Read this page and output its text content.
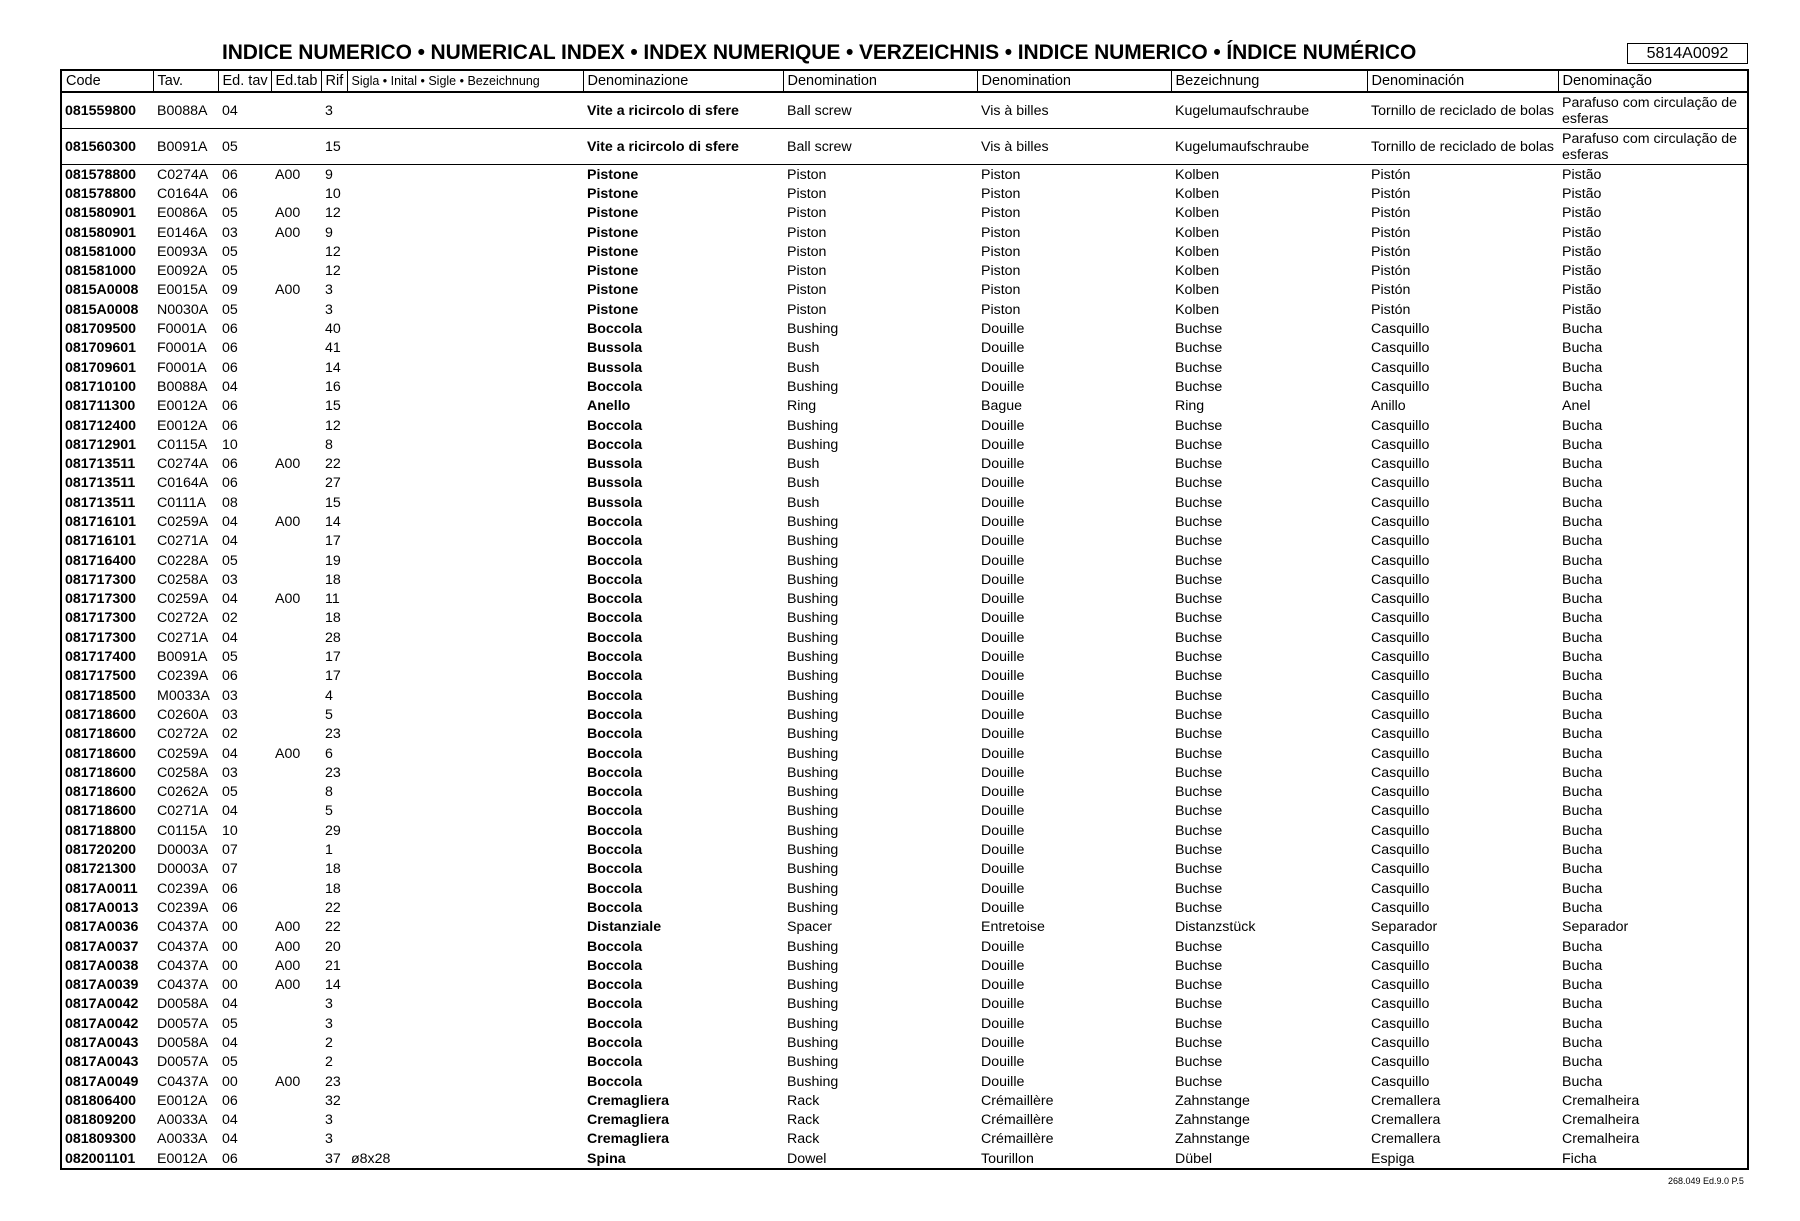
INDICE NUMERICO • NUMERICAL INDEX • INDEX NUMERIQUE • VERZEICHNIS • INDICE NUMERICO • ÍNDICE NUMÉRICO	5814A0092
Code	Tav.	Ed. tav	Ed.tab	Rif	Sigla • Inital • Sigle • Bezeichnung	Denominazione	Denomination	Denomination	Bezeichnung	Denominación	Denominação
081559800	B0088A	04		3		Vite a ricircolo di sfere	Ball screw	Vis à billes	Kugelumaufschraube	Tornillo de reciclado de bolas	Parafuso com circulação de esferas
081560300	B0091A	05		15		Vite a ricircolo di sfere	Ball screw	Vis à billes	Kugelumaufschraube	Tornillo de reciclado de bolas	Parafuso com circulação de esferas
081578800	C0274A	06	A00	9		Pistone	Piston	Piston	Kolben	Pistón	Pistão
081578800	C0164A	06		10		Pistone	Piston	Piston	Kolben	Pistón	Pistão
081580901	E0086A	05	A00	12		Pistone	Piston	Piston	Kolben	Pistón	Pistão
081580901	E0146A	03	A00	9		Pistone	Piston	Piston	Kolben	Pistón	Pistão
081581000	E0093A	05		12		Pistone	Piston	Piston	Kolben	Pistón	Pistão
081581000	E0092A	05		12		Pistone	Piston	Piston	Kolben	Pistón	Pistão
0815A0008	E0015A	09	A00	3		Pistone	Piston	Piston	Kolben	Pistón	Pistão
0815A0008	N0030A	05		3		Pistone	Piston	Piston	Kolben	Pistón	Pistão
081709500	F0001A	06		40		Boccola	Bushing	Douille	Buchse	Casquillo	Bucha
081709601	F0001A	06		41		Bussola	Bush	Douille	Buchse	Casquillo	Bucha
081709601	F0001A	06		14		Bussola	Bush	Douille	Buchse	Casquillo	Bucha
081710100	B0088A	04		16		Boccola	Bushing	Douille	Buchse	Casquillo	Bucha
081711300	E0012A	06		15		Anello	Ring	Bague	Ring	Anillo	Anel
081712400	E0012A	06		12		Boccola	Bushing	Douille	Buchse	Casquillo	Bucha
081712901	C0115A	10		8		Boccola	Bushing	Douille	Buchse	Casquillo	Bucha
081713511	C0274A	06	A00	22		Bussola	Bush	Douille	Buchse	Casquillo	Bucha
081713511	C0164A	06		27		Bussola	Bush	Douille	Buchse	Casquillo	Bucha
081713511	C0111A	08		15		Bussola	Bush	Douille	Buchse	Casquillo	Bucha
081716101	C0259A	04	A00	14		Boccola	Bushing	Douille	Buchse	Casquillo	Bucha
081716101	C0271A	04		17		Boccola	Bushing	Douille	Buchse	Casquillo	Bucha
081716400	C0228A	05		19		Boccola	Bushing	Douille	Buchse	Casquillo	Bucha
081717300	C0258A	03		18		Boccola	Bushing	Douille	Buchse	Casquillo	Bucha
081717300	C0259A	04	A00	11		Boccola	Bushing	Douille	Buchse	Casquillo	Bucha
081717300	C0272A	02		18		Boccola	Bushing	Douille	Buchse	Casquillo	Bucha
081717300	C0271A	04		28		Boccola	Bushing	Douille	Buchse	Casquillo	Bucha
081717400	B0091A	05		17		Boccola	Bushing	Douille	Buchse	Casquillo	Bucha
081717500	C0239A	06		17		Boccola	Bushing	Douille	Buchse	Casquillo	Bucha
081718500	M0033A	03		4		Boccola	Bushing	Douille	Buchse	Casquillo	Bucha
081718600	C0260A	03		5		Boccola	Bushing	Douille	Buchse	Casquillo	Bucha
081718600	C0272A	02		23		Boccola	Bushing	Douille	Buchse	Casquillo	Bucha
081718600	C0259A	04	A00	6		Boccola	Bushing	Douille	Buchse	Casquillo	Bucha
081718600	C0258A	03		23		Boccola	Bushing	Douille	Buchse	Casquillo	Bucha
081718600	C0262A	05		8		Boccola	Bushing	Douille	Buchse	Casquillo	Bucha
081718600	C0271A	04		5		Boccola	Bushing	Douille	Buchse	Casquillo	Bucha
081718800	C0115A	10		29		Boccola	Bushing	Douille	Buchse	Casquillo	Bucha
081720200	D0003A	07		1		Boccola	Bushing	Douille	Buchse	Casquillo	Bucha
081721300	D0003A	07		18		Boccola	Bushing	Douille	Buchse	Casquillo	Bucha
0817A0011	C0239A	06		18		Boccola	Bushing	Douille	Buchse	Casquillo	Bucha
0817A0013	C0239A	06		22		Boccola	Bushing	Douille	Buchse	Casquillo	Bucha
0817A0036	C0437A	00	A00	22		Distanziale	Spacer	Entretoise	Distanzstück	Separador	Separador
0817A0037	C0437A	00	A00	20		Boccola	Bushing	Douille	Buchse	Casquillo	Bucha
0817A0038	C0437A	00	A00	21		Boccola	Bushing	Douille	Buchse	Casquillo	Bucha
0817A0039	C0437A	00	A00	14		Boccola	Bushing	Douille	Buchse	Casquillo	Bucha
0817A0042	D0058A	04		3		Boccola	Bushing	Douille	Buchse	Casquillo	Bucha
0817A0042	D0057A	05		3		Boccola	Bushing	Douille	Buchse	Casquillo	Bucha
0817A0043	D0058A	04		2		Boccola	Bushing	Douille	Buchse	Casquillo	Bucha
0817A0043	D0057A	05		2		Boccola	Bushing	Douille	Buchse	Casquillo	Bucha
0817A0049	C0437A	00	A00	23		Boccola	Bushing	Douille	Buchse	Casquillo	Bucha
081806400	E0012A	06		32		Cremagliera	Rack	Crémaillère	Zahnstange	Cremallera	Cremalheira
081809200	A0033A	04		3		Cremagliera	Rack	Crémaillère	Zahnstange	Cremallera	Cremalheira
081809300	A0033A	04		3		Cremagliera	Rack	Crémaillère	Zahnstange	Cremallera	Cremalheira
082001101	E0012A	06		37	ø8x28	Spina	Dowel	Tourillon	Dübel	Espiga	Ficha
268.049 Ed.9.0 P.5
